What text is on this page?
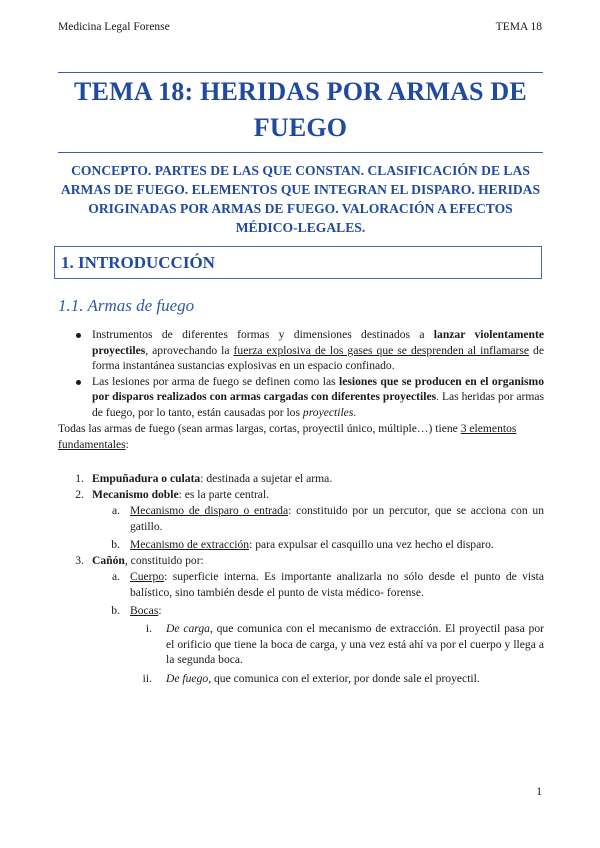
Medicina Legal Forense	TEMA 18
TEMA 18: HERIDAS POR ARMAS DE FUEGO
CONCEPTO. PARTES DE LAS QUE CONSTAN. CLASIFICACIÓN DE LAS ARMAS DE FUEGO. ELEMENTOS QUE INTEGRAN EL DISPARO. HERIDAS ORIGINADAS POR ARMAS DE FUEGO. VALORACIÓN A EFECTOS MÉDICO-LEGALES.
1. INTRODUCCIÓN
1.1. Armas de fuego
Instrumentos de diferentes formas y dimensiones destinados a lanzar violentamente proyectiles, aprovechando la fuerza explosiva de los gases que se desprenden al inflamarse de forma instantánea sustancias explosivas en un espacio confinado.
Las lesiones por arma de fuego se definen como las lesiones que se producen en el organismo por disparos realizados con armas cargadas con diferentes proyectiles. Las heridas por armas de fuego, por lo tanto, están causadas por los proyectiles.
Todas las armas de fuego (sean armas largas, cortas, proyectil único, múltiple…) tiene 3 elementos fundamentales:
1. Empuñadura o culata: destinada a sujetar el arma.
2. Mecanismo doble: es la parte central.
a. Mecanismo de disparo o entrada: constituido por un percutor, que se acciona con un gatillo.
b. Mecanismo de extracción: para expulsar el casquillo una vez hecho el disparo.
3. Cañón, constituido por:
a. Cuerpo: superficie interna. Es importante analizarla no sólo desde el punto de vista balístico, sino también desde el punto de vista médico- forense.
b. Bocas:
i. De carga, que comunica con el mecanismo de extracción. El proyectil pasa por el orificio que tiene la boca de carga, y una vez está ahí va por el cuerpo y llega a la segunda boca.
ii. De fuego, que comunica con el exterior, por donde sale el proyectil.
1
